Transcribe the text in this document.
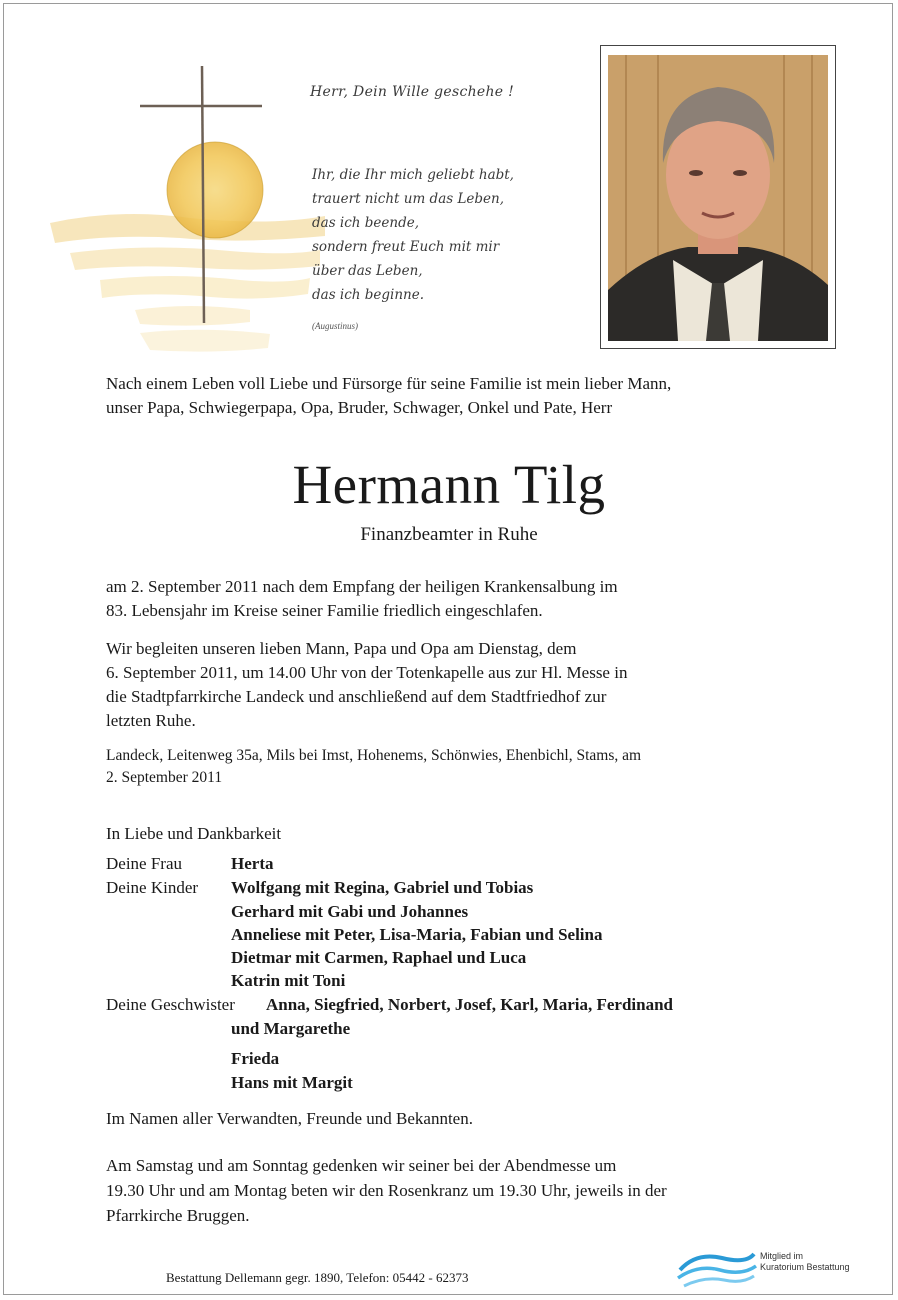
Herr, Dein Wille geschehe !
Ihr, die Ihr mich geliebt habt,
trauert nicht um das Leben,
das ich beende,
sondern freut Euch mit mir
über das Leben,
das ich beginne.
(Augustinus)
Nach einem Leben voll Liebe und Fürsorge für seine Familie ist mein lieber Mann,
unser Papa, Schwiegerpapa, Opa, Bruder, Schwager, Onkel und Pate, Herr
Hermann Tilg
Finanzbeamter in Ruhe
am 2. September 2011 nach dem Empfang der heiligen Krankensalbung im
83. Lebensjahr im Kreise seiner Familie friedlich eingeschlafen.
Wir begleiten unseren lieben Mann, Papa und Opa am Dienstag, dem
6. September 2011, um 14.00 Uhr von der Totenkapelle aus zur Hl. Messe in
die Stadtpfarrkirche Landeck und anschließend auf dem Stadtfriedhof zur
letzten Ruhe.
Landeck, Leitenweg 35a, Mils bei Imst, Hohenems, Schönwies, Ehenbichl, Stams, am
2. September 2011
In Liebe und Dankbarkeit
Deine Frau	Herta
Deine Kinder Wolfgang mit Regina, Gabriel und Tobias
Gerhard mit Gabi und Johannes
Anneliese mit Peter, Lisa-Maria, Fabian und Selina
Dietmar mit Carmen, Raphael und Luca
Katrin mit Toni
Deine Geschwister Anna, Siegfried, Norbert, Josef, Karl, Maria, Ferdinand
und Margarethe
Frieda
Hans mit Margit
Im Namen aller Verwandten, Freunde und Bekannten.
Am Samstag und am Sonntag gedenken wir seiner bei der Abendmesse um
19.30 Uhr und am Montag beten wir den Rosenkranz um 19.30 Uhr, jeweils in der
Pfarrkirche Bruggen.
Bestattung Dellemann gegr. 1890, Telefon: 05442 - 62373
Mitglied im
Kuratorium Bestattung
